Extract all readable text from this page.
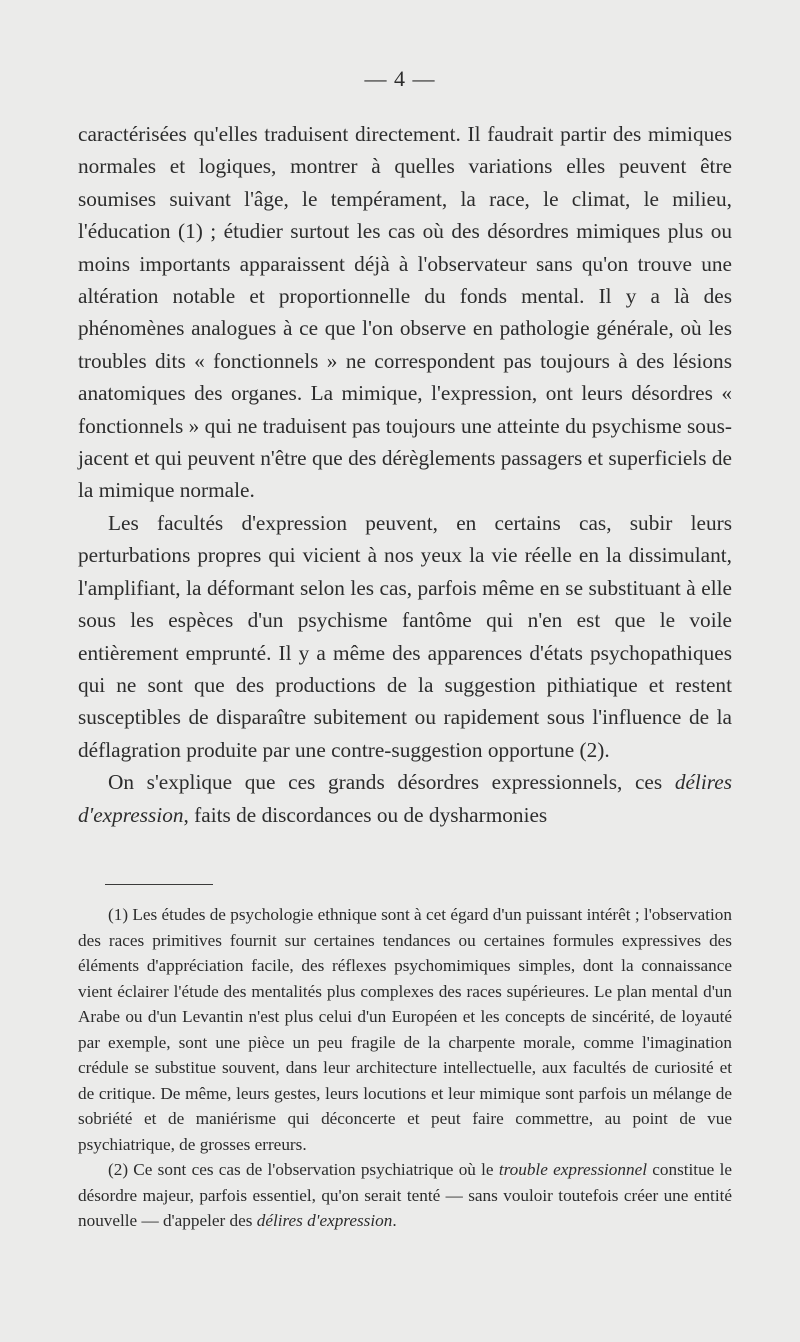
— 4 —

caractérisées qu'elles traduisent directement. Il faudrait partir des mimiques normales et logiques, montrer à quelles variations elles peuvent être soumises suivant l'âge, le tempérament, la race, le climat, le milieu, l'éducation (1) ; étudier surtout les cas où des désordres mimiques plus ou moins importants apparaissent déjà à l'observateur sans qu'on trouve une altération notable et proportionnelle du fonds mental. Il y a là des phénomènes analogues à ce que l'on observe en pathologie générale, où les troubles dits « fonctionnels » ne correspondent pas toujours à des lésions anatomiques des organes. La mimique, l'expression, ont leurs désordres « fonctionnels » qui ne traduisent pas toujours une atteinte du psychisme sous-jacent et qui peuvent n'être que des dérèglements passagers et superficiels de la mimique normale.

Les facultés d'expression peuvent, en certains cas, subir leurs perturbations propres qui vicient à nos yeux la vie réelle en la dissimulant, l'amplifiant, la déformant selon les cas, parfois même en se substituant à elle sous les espèces d'un psychisme fantôme qui n'en est que le voile entièrement emprunté. Il y a même des apparences d'états psychopathiques qui ne sont que des productions de la suggestion pithiatique et restent susceptibles de disparaître subitement ou rapidement sous l'influence de la déflagration produite par une contre-suggestion opportune (2).

On s'explique que ces grands désordres expressionnels, ces délires d'expression, faits de discordances ou de dysharmonies

(1) Les études de psychologie ethnique sont à cet égard d'un puissant intérêt ; l'observation des races primitives fournit sur certaines tendances ou certaines formules expressives des éléments d'appréciation facile, des réflexes psychomimiques simples, dont la connaissance vient éclairer l'étude des mentalités plus complexes des races supérieures. Le plan mental d'un Arabe ou d'un Levantin n'est plus celui d'un Européen et les concepts de sincérité, de loyauté par exemple, sont une pièce un peu fragile de la charpente morale, comme l'imagination crédule se substitue souvent, dans leur architecture intellectuelle, aux facultés de curiosité et de critique. De même, leurs gestes, leurs locutions et leur mimique sont parfois un mélange de sobriété et de maniérisme qui déconcerte et peut faire commettre, au point de vue psychiatrique, de grosses erreurs.

(2) Ce sont ces cas de l'observation psychiatrique où le trouble expressionnel constitue le désordre majeur, parfois essentiel, qu'on serait tenté — sans vouloir toutefois créer une entité nouvelle — d'appeler des délires d'expression.
